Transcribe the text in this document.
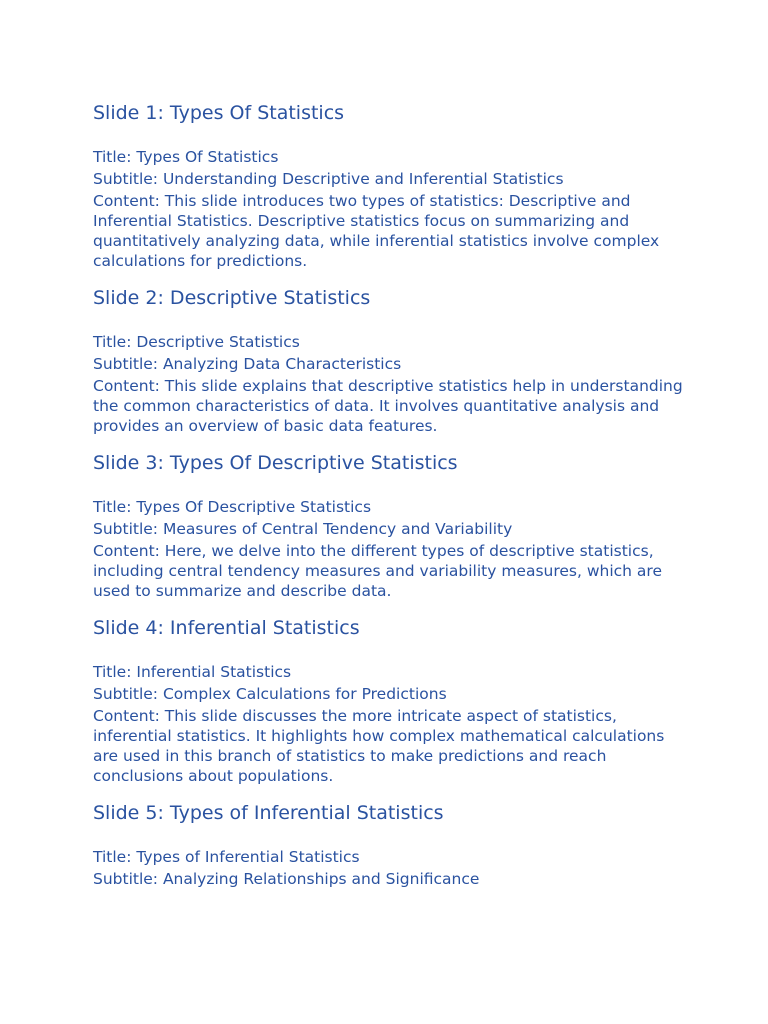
Slide 1: Types Of Statistics

Title: Types Of Statistics

Subtitle: Understanding Descriptive and Inferential Statistics

Content: This slide introduces two types of statistics: Descriptive and Inferential Statistics. Descriptive statistics focus on summarizing and quantitatively analyzing data, while inferential statistics involve complex calculations for predictions.

Slide 2: Descriptive Statistics

Title: Descriptive Statistics

Subtitle: Analyzing Data Characteristics

Content: This slide explains that descriptive statistics help in understanding the common characteristics of data. It involves quantitative analysis and provides an overview of basic data features.

Slide 3: Types Of Descriptive Statistics

Title: Types Of Descriptive Statistics

Subtitle: Measures of Central Tendency and Variability

Content: Here, we delve into the different types of descriptive statistics, including central tendency measures and variability measures, which are used to summarize and describe data.

Slide 4: Inferential Statistics

Title: Inferential Statistics

Subtitle: Complex Calculations for Predictions

Content: This slide discusses the more intricate aspect of statistics, inferential statistics. It highlights how complex mathematical calculations are used in this branch of statistics to make predictions and reach conclusions about populations.

Slide 5: Types of Inferential Statistics

Title: Types of Inferential Statistics

Subtitle: Analyzing Relationships and Significance
